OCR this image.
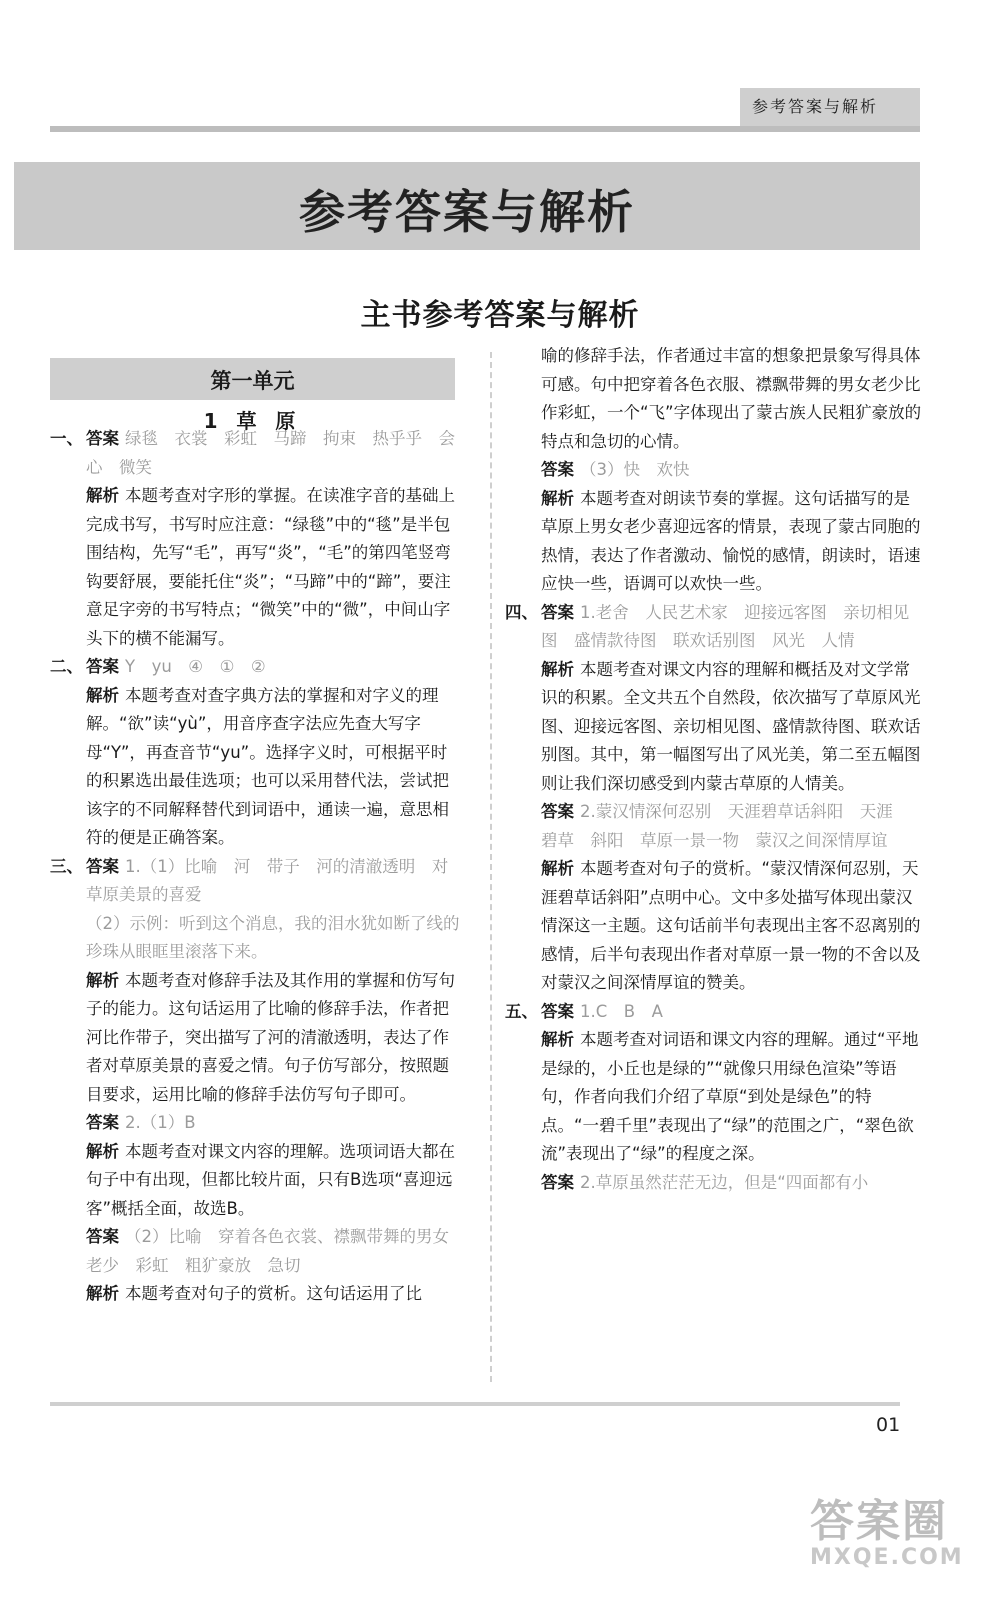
参考答案与解析
参考答案与解析
主书参考答案与解析
第一单元
1 草 原
一、 答案 绿毯　衣裳　彩虹　马蹄　拘束　热乎乎　会心　微笑
解析 本题考查对字形的掌握。在读准字音的基础上完成书写，书写时应注意：“绿毯”中的“毯”是半包围结构，先写“毛”，再写“炎”，“毛”的第四笔竖弯钩要舒展，要能托住“炎”；“马蹄”中的“蹄”，要注意足字旁的书写特点；“微笑”中的“微”，中间山字头下的横不能漏写。
二、 答案 Y　yu　④　①　②
解析 本题考查对查字典方法的掌握和对字义的理解。“欲”读“yù”，用音序查字法应先查大写字母“Y”，再查音节“yu”。选择字义时，可根据平时的积累选出最佳选项；也可以采用替代法，尝试把该字的不同解释替代到词语中，通读一遍，意思相符的便是正确答案。
三、 答案 1.（1）比喻　河　带子　河的清澈透明　对草原美景的喜爱
（2）示例：听到这个消息，我的泪水犹如断了线的珍珠从眼眶里滚落下来。
解析 本题考查对修辞手法及其作用的掌握和仿写句子的能力。这句话运用了比喻的修辞手法，作者把河比作带子，突出描写了河的清澈透明，表达了作者对草原美景的喜爱之情。句子仿写部分，按照题目要求，运用比喻的修辞手法仿写句子即可。
答案 2.（1）B
解析 本题考查对课文内容的理解。选项词语大都在句子中有出现，但都比较片面，只有B选项“喜迎远客”概括全面，故选B。
答案 （2）比喻　穿着各色衣裳、襟飘带舞的男女老少　彩虹　粗犷豪放　急切
解析 本题考查对句子的赏析。这句话运用了比
喻的修辞手法，作者通过丰富的想象把景象写得具体可感。句中把穿着各色衣服、襟飘带舞的男女老少比作彩虹，一个“飞”字体现出了蒙古族人民粗犷豪放的特点和急切的心情。
答案 （3）快　欢快
解析 本题考查对朗读节奏的掌握。这句话描写的是草原上男女老少喜迎远客的情景，表现了蒙古同胞的热情，表达了作者激动、愉悦的感情，朗读时，语速应快一些，语调可以欢快一些。
四、 答案 1.老舍　人民艺术家　迎接远客图　亲切相见图　盛情款待图　联欢话别图　风光　人情
解析 本题考查对课文内容的理解和概括及对文学常识的积累。全文共五个自然段，依次描写了草原风光图、迎接远客图、亲切相见图、盛情款待图、联欢话别图。其中，第一幅图写出了风光美，第二至五幅图则让我们深切感受到内蒙古草原的人情美。
答案 2.蒙汉情深何忍别　天涯碧草话斜阳　天涯　碧草　斜阳　草原一景一物　蒙汉之间深情厚谊
解析 本题考查对句子的赏析。“蒙汉情深何忍别，天涯碧草话斜阳”点明中心。文中多处描写体现出蒙汉情深这一主题。这句话前半句表现出主客不忍离别的感情，后半句表现出作者对草原一景一物的不舍以及对蒙汉之间深情厚谊的赞美。
五、 答案 1.C　B　A
解析 本题考查对词语和课文内容的理解。通过“平地是绿的，小丘也是绿的”“就像只用绿色渲染”等语句，作者向我们介绍了草原“到处是绿色”的特点。“一碧千里”表现出了“绿”的范围之广，“翠色欲流”表现出了“绿”的程度之深。
答案 2.草原虽然茫茫无边，但是“四面都有小
01
答案圈
MXQE.COM
